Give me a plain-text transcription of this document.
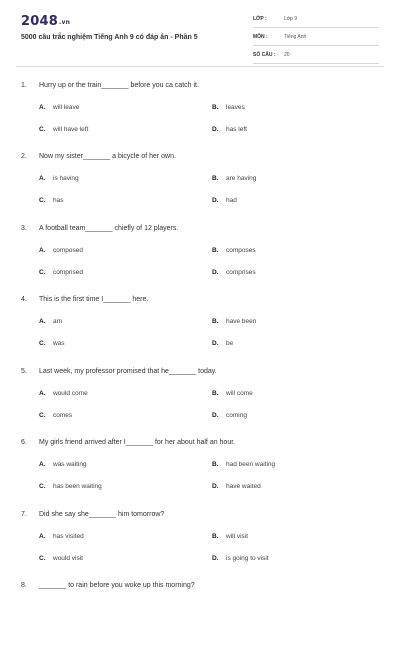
2048.vn
5000 câu trắc nghiệm Tiếng Anh 9 có đáp án - Phần 5
LỚP :	Lớp 9
MÔN :	Tiếng Anh
SỐ CÂU : 20
1. Hurry up or the train_______ before you ca catch it.
A. will leave	B. leaves
C. will have left	D. has left
2. Now my sister_______ a bicycle of her own.
A. is having	B. are having
C. has	D. had
3. A football team_______ chiefly of 12 players.
A. composed	B. composes
C. comprised	D. comprises
4. This is the first time I_______ here.
A. am	B. have been
C. was	D. be
5. Last week, my professor promised that he_______ today.
A. would come	B. will come
C. comes	D. coming
6. My girls friend arrived after I_______ for her about half an hour.
A. was waiting	B. had been waiting
C. has been waiting	D. have waited
7. Did she say she_______ him tomorrow?
A. has visited	B. will visit
C. would visit	D. is going to visit
8. _______ to rain before you woke up this morning?
